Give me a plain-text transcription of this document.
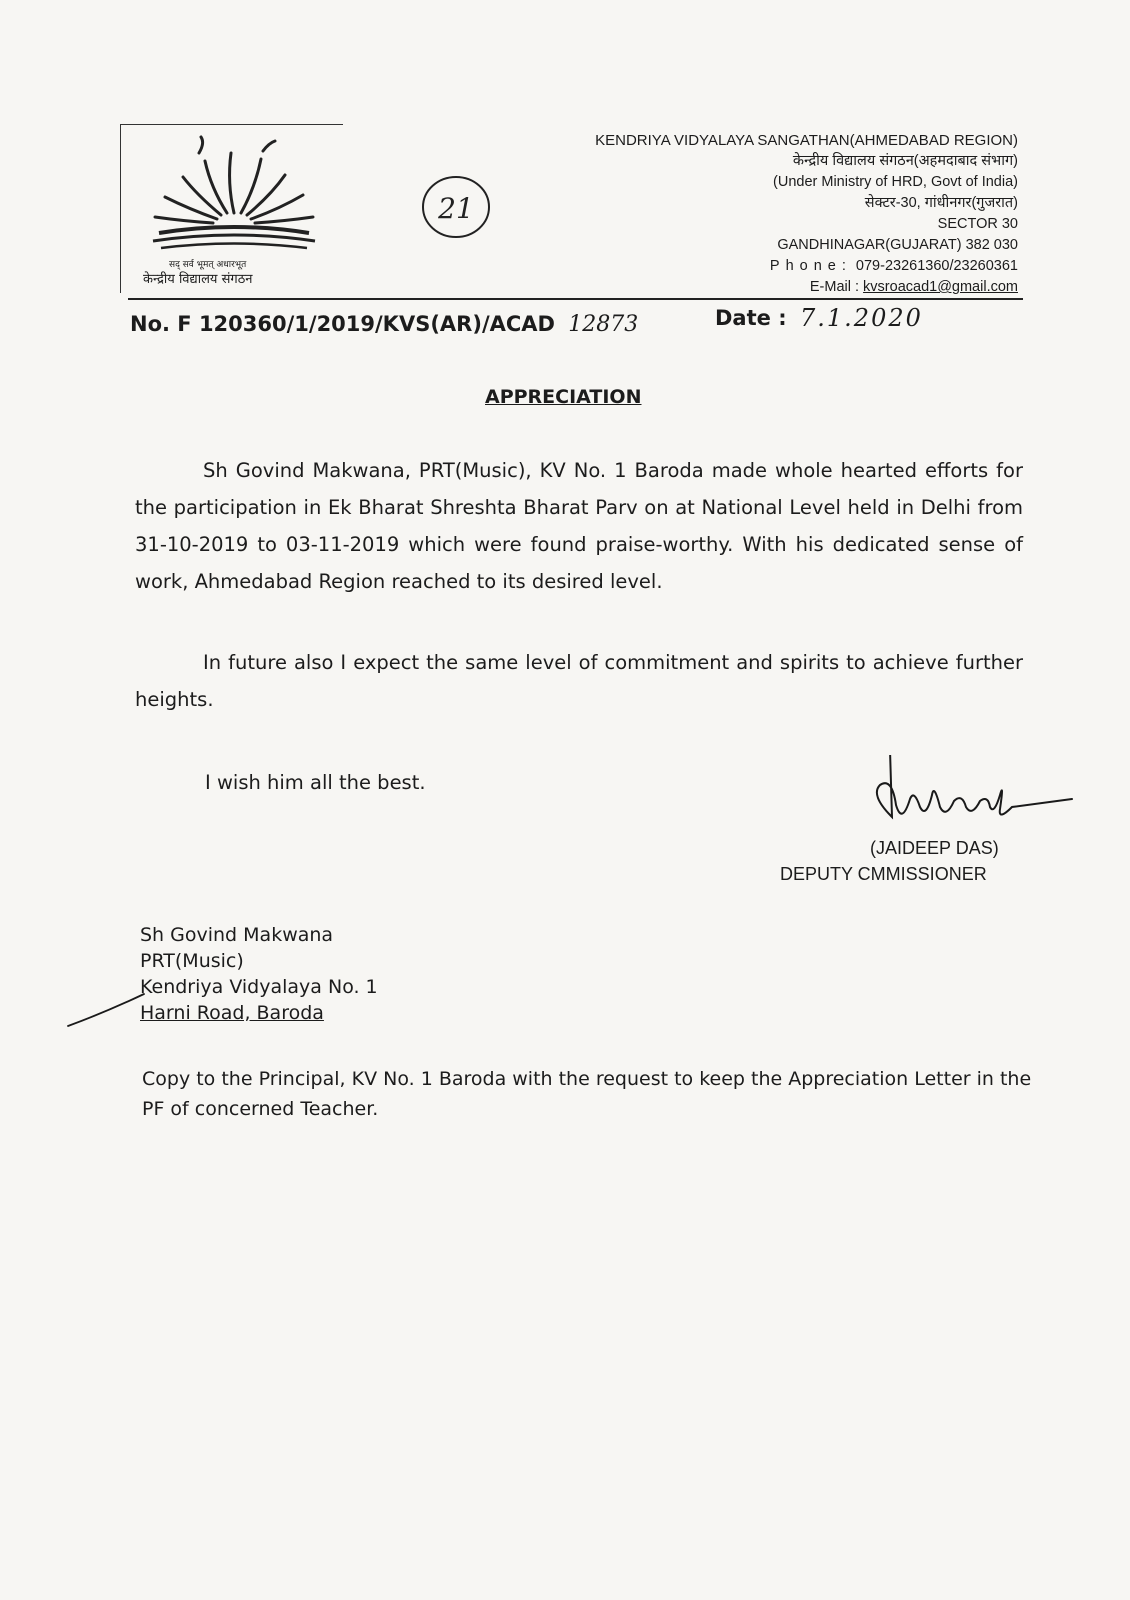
सद् सर्व भूमत् अधारभूत
केन्द्रीय विद्यालय संगठन
21
KENDRIYA VIDYALAYA SANGATHAN(AHMEDABAD REGION)
केन्द्रीय विद्यालय संगठन(अहमदाबाद संभाग)
(Under Ministry of HRD, Govt of India)
सेक्टर-30, गांधीनगर(गुजरात)
SECTOR 30
GANDHINAGAR(GUJARAT) 382 030
Phone: 079-23261360/23260361
E-Mail : kvsroacad1@gmail.com
No. F 120360/1/2019/KVS(AR)/ACAD 12873	Date : 7.1.2020
APPRECIATION
Sh Govind Makwana, PRT(Music), KV No. 1 Baroda made whole hearted efforts for the participation in Ek Bharat Shreshta Bharat Parv on at National Level held in Delhi from 31-10-2019 to 03-11-2019 which were found praise-worthy. With his dedicated sense of work, Ahmedabad Region reached to its desired level.
In future also I expect the same level of commitment and spirits to achieve further heights.
I wish him all the best.
(JAIDEEP DAS)
DEPUTY CMMISSIONER
Sh Govind Makwana
PRT(Music)
Kendriya Vidyalaya No. 1
Harni Road, Baroda
Copy to the Principal, KV No. 1 Baroda with the request to keep the Appreciation Letter in the PF of concerned Teacher.
